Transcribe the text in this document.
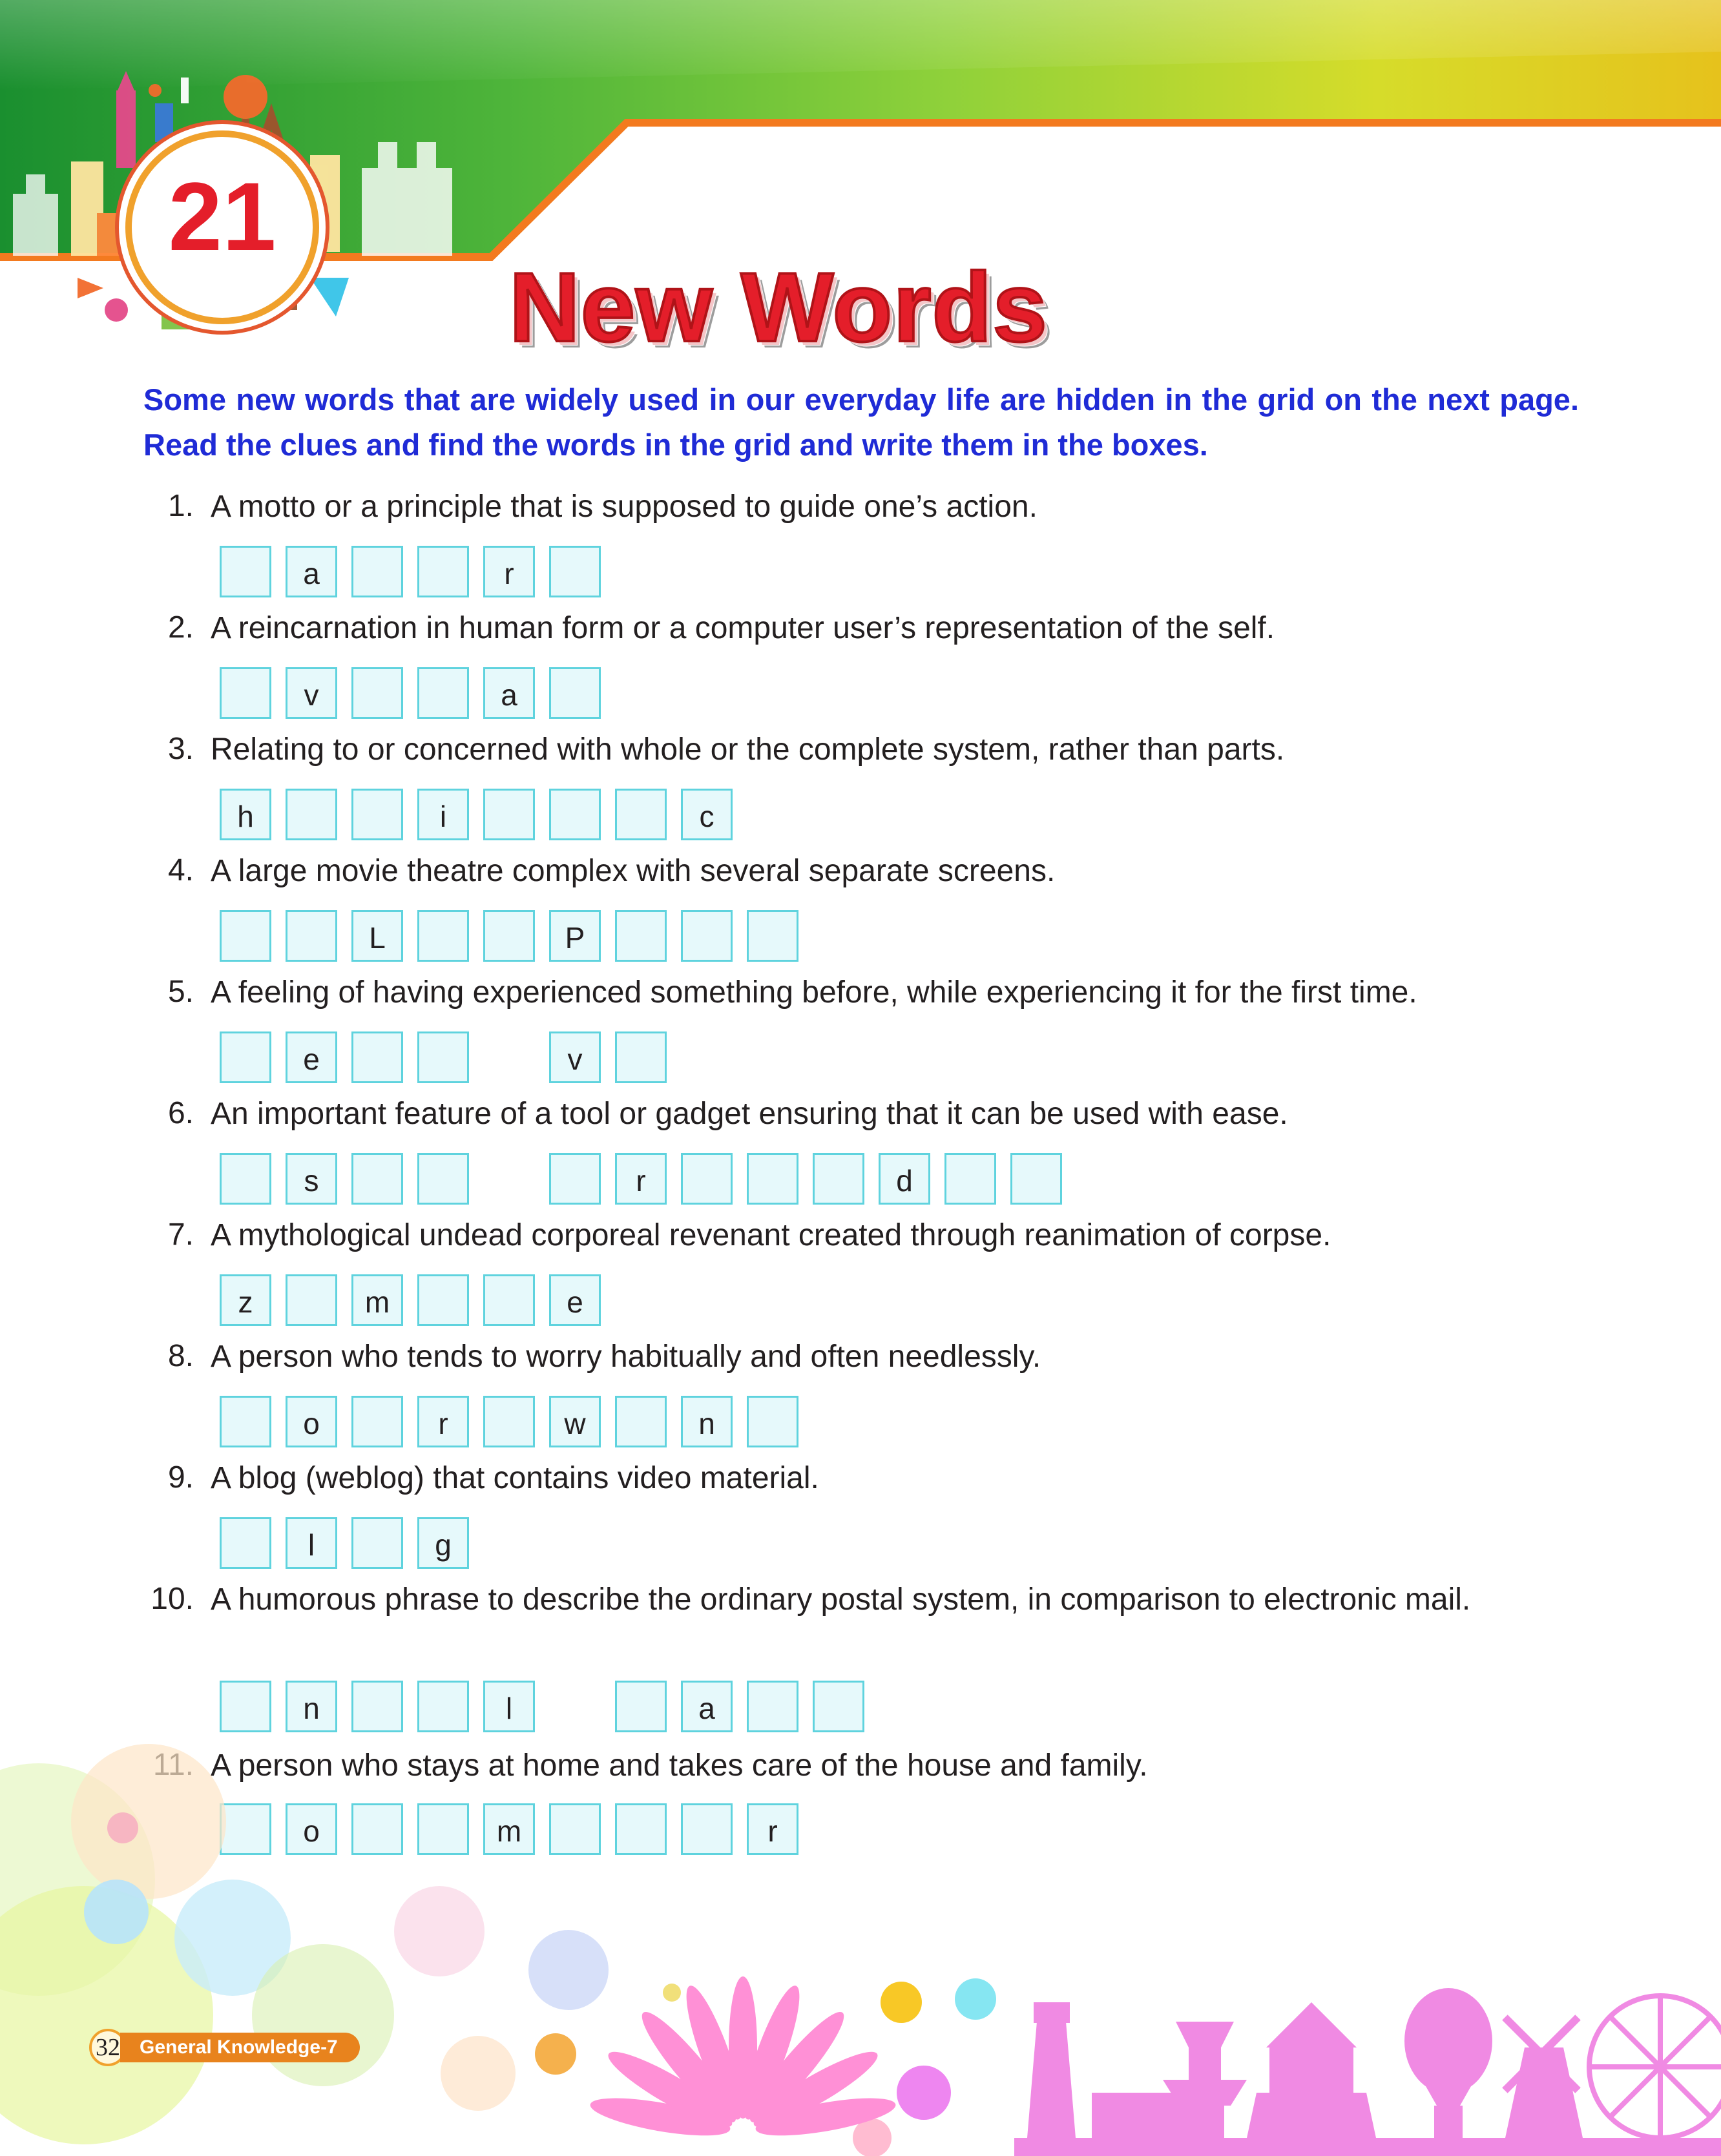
21
New Words
Some new words that are widely used in our everyday life are hidden in the grid on the next page. Read the clues and find the words in the grid and write them in the boxes.
1. A motto or a principle that is supposed to guide one’s action.
a	r
2. A reincarnation in human form or a computer user’s representation of the self.
v	a
3. Relating to or concerned with whole or the complete system, rather than parts.
h	i	c
4. A large movie theatre complex with several separate screens.
L	P
5. A feeling of having experienced something before, while experiencing it for the first time.
e	v
6. An important feature of a tool or gadget ensuring that it can be used with ease.
s	r	d
7. A mythological undead corporeal revenant created through reanimation of corpse.
z	m	e
8. A person who tends to worry habitually and often needlessly.
o	r	w	n
9. A blog (weblog) that contains video material.
l	g
10. A humorous phrase to describe the ordinary postal system, in comparison to electronic mail.
n	l	a
A person who stays at home and takes care of the house and family.
o	m	r
32	General Knowledge-7
